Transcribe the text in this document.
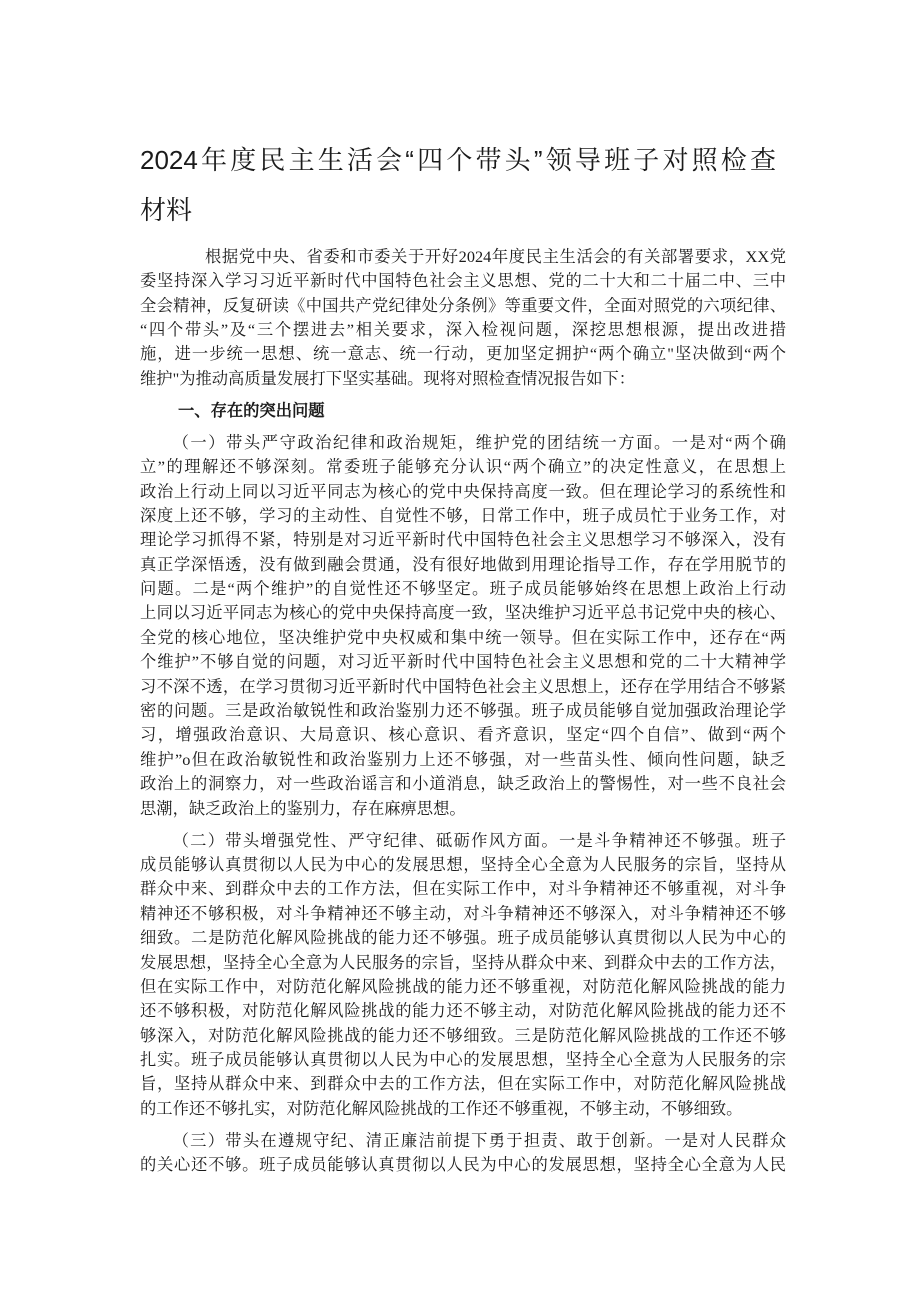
2024年度民主生活会“四个带头”领导班子对照检查
材料
根据党中央、省委和市委关于开好2024年度民主生活会的有关部署要求，XX党
委坚持深入学习习近平新时代中国特色社会主义思想、党的二十大和二十届二中、三中
全会精神，反复研读《中国共产党纪律处分条例》等重要文件，全面对照党的六项纪律、
“四个带头”及“三个摆进去”相关要求，深入检视问题，深挖思想根源，提出改进措
施，进一步统一思想、统一意志、统一行动，更加坚定拥护“两个确立"坚决做到“两个
维护"为推动高质量发展打下坚实基础。现将对照检查情况报告如下：
一、存在的突出问题
（一）带头严守政治纪律和政治规矩，维护党的团结统一方面。一是对“两个确
立”的理解还不够深刻。常委班子能够充分认识“两个确立”的决定性意义，在思想上
政治上行动上同以习近平同志为核心的党中央保持高度一致。但在理论学习的系统性和
深度上还不够，学习的主动性、自觉性不够，日常工作中，班子成员忙于业务工作，对
理论学习抓得不紧，特别是对习近平新时代中国特色社会主义思想学习不够深入，没有
真正学深悟透，没有做到融会贯通，没有很好地做到用理论指导工作，存在学用脱节的
问题。二是“两个维护”的自觉性还不够坚定。班子成员能够始终在思想上政治上行动
上同以习近平同志为核心的党中央保持高度一致，坚决维护习近平总书记党中央的核心、
全党的核心地位，坚决维护党中央权威和集中统一领导。但在实际工作中，还存在“两
个维护”不够自觉的问题，对习近平新时代中国特色社会主义思想和党的二十大精神学
习不深不透，在学习贯彻习近平新时代中国特色社会主义思想上，还存在学用结合不够紧
密的问题。三是政治敏锐性和政治鉴别力还不够强。班子成员能够自觉加强政治理论学
习，增强政治意识、大局意识、核心意识、看齐意识，坚定“四个自信”、做到“两个
维护”o但在政治敏锐性和政治鉴别力上还不够强，对一些苗头性、倾向性问题，缺乏
政治上的洞察力，对一些政治谣言和小道消息，缺乏政治上的警惕性，对一些不良社会
思潮，缺乏政治上的鉴别力，存在麻痹思想。
（二）带头增强党性、严守纪律、砥砺作风方面。一是斗争精神还不够强。班子
成员能够认真贯彻以人民为中心的发展思想，坚持全心全意为人民服务的宗旨，坚持从
群众中来、到群众中去的工作方法，但在实际工作中，对斗争精神还不够重视，对斗争
精神还不够积极，对斗争精神还不够主动，对斗争精神还不够深入，对斗争精神还不够
细致。二是防范化解风险挑战的能力还不够强。班子成员能够认真贯彻以人民为中心的
发展思想，坚持全心全意为人民服务的宗旨，坚持从群众中来、到群众中去的工作方法，
但在实际工作中，对防范化解风险挑战的能力还不够重视，对防范化解风险挑战的能力
还不够积极，对防范化解风险挑战的能力还不够主动，对防范化解风险挑战的能力还不
够深入，对防范化解风险挑战的能力还不够细致。三是防范化解风险挑战的工作还不够
扎实。班子成员能够认真贯彻以人民为中心的发展思想，坚持全心全意为人民服务的宗
旨，坚持从群众中来、到群众中去的工作方法，但在实际工作中，对防范化解风险挑战
的工作还不够扎实，对防范化解风险挑战的工作还不够重视，不够主动，不够细致。
（三）带头在遵规守纪、清正廉洁前提下勇于担责、敢于创新。一是对人民群众
的关心还不够。班子成员能够认真贯彻以人民为中心的发展思想，坚持全心全意为人民
